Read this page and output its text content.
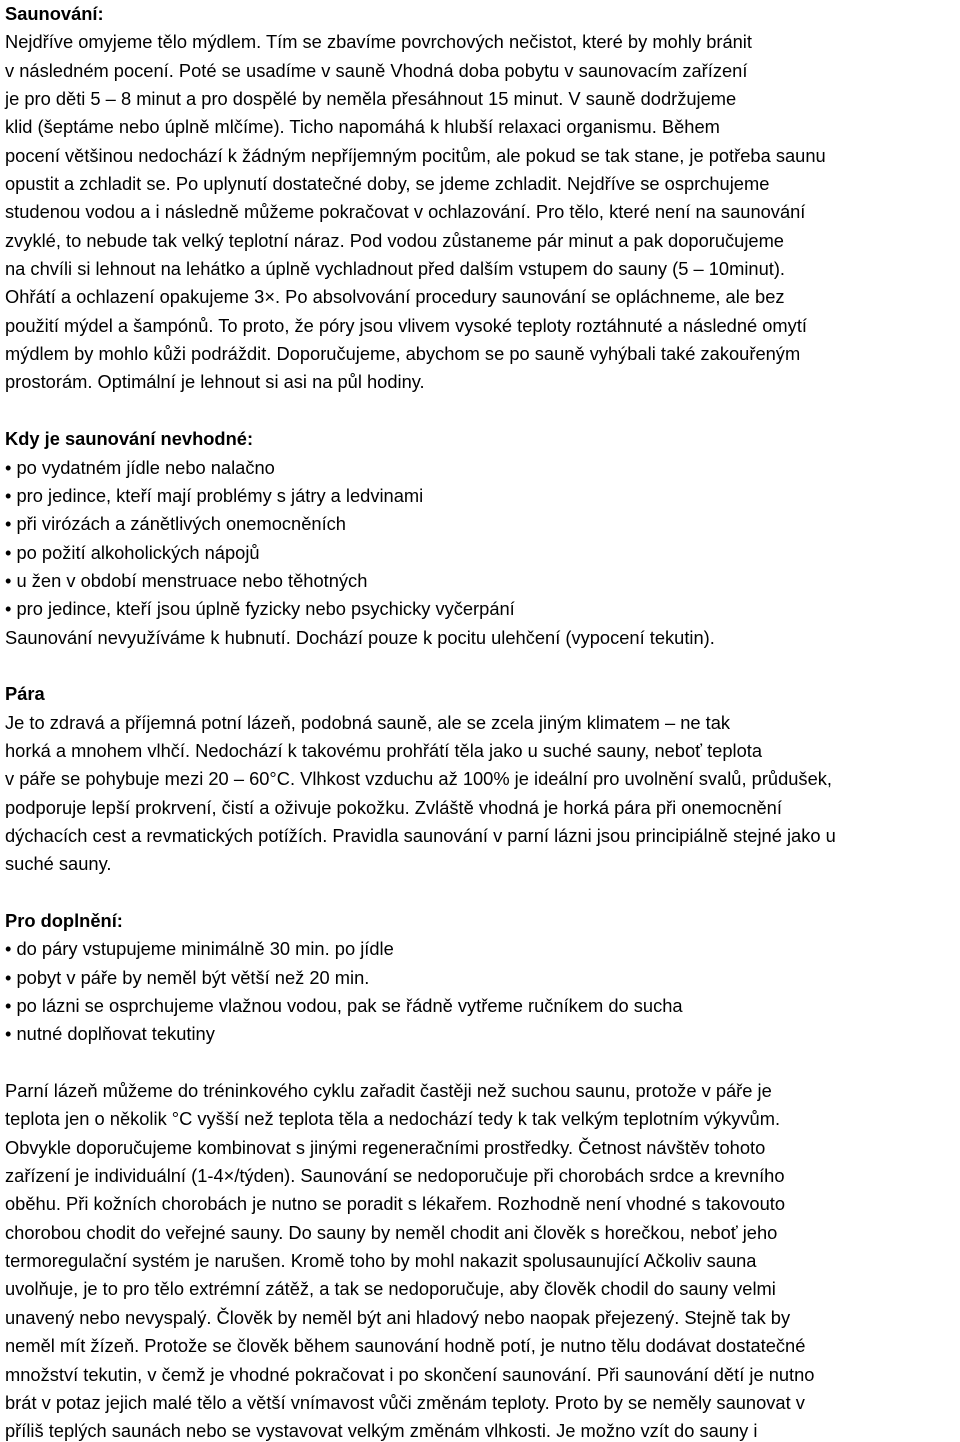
Saunování:
Nejdříve omyjeme tělo mýdlem. Tím se zbavíme povrchových nečistot, které by mohly bránit
v následném pocení. Poté se usadíme v sauně Vhodná doba pobytu v saunovacím zařízení
je pro děti 5 – 8 minut a pro dospělé by neměla přesáhnout 15 minut. V sauně dodržujeme
klid (šeptáme nebo úplně mlčíme). Ticho napomáhá k hlubší relaxaci organismu. Během
pocení většinou nedochází k žádným nepříjemným pocitům, ale pokud se tak stane, je potřeba saunu
opustit a zchladit se. Po uplynutí dostatečné doby, se jdeme zchladit. Nejdříve se osprchujeme
studenou vodou a i následně můžeme pokračovat v ochlazování. Pro tělo, které není na saunování
zvyklé, to nebude tak velký teplotní náraz. Pod vodou zůstaneme pár minut a pak doporučujeme
na chvíli si lehnout na lehátko a úplně vychladnout před dalším vstupem do sauny (5 – 10minut).
Ohřátí a ochlazení opakujeme 3×. Po absolvování procedury saunování se opláchneme, ale bez
použití mýdel a šampónů. To proto, že póry jsou vlivem vysoké teploty roztáhnuté a následné omytí
mýdlem by mohlo kůži podráždit. Doporučujeme, abychom se po sauně vyhýbali také zakouřeným
prostorám. Optimální je lehnout si asi na půl hodiny.
Kdy je saunování nevhodné:
• po vydatném jídle nebo nalačno
• pro jedince, kteří mají problémy s játry a ledvinami
• při virózách a zánětlivých onemocněních
• po požití alkoholických nápojů
• u žen v období menstruace nebo těhotných
• pro jedince, kteří jsou úplně fyzicky nebo psychicky vyčerpání
Saunování nevyužíváme k hubnutí. Dochází pouze k pocitu ulehčení (vypocení tekutin).
Pára
Je to zdravá a příjemná potní lázeň, podobná sauně, ale se zcela jiným klimatem – ne tak
horká a mnohem vlhčí. Nedochází k takovému prohřátí těla jako u suché sauny, neboť teplota
v páře se pohybuje mezi 20 – 60°C. Vlhkost vzduchu až 100% je ideální pro uvolnění svalů, průdušek,
podporuje lepší prokrvení, čistí a oživuje pokožku. Zvláště vhodná je horká pára při onemocnění
dýchacích cest a revmatických potížích. Pravidla saunování v parní lázni jsou principiálně stejné jako u
suché sauny.
Pro doplnění:
• do páry vstupujeme minimálně 30 min. po jídle
• pobyt v páře by neměl být větší než 20 min.
• po lázni se osprchujeme vlažnou vodou, pak se řádně vytřeme ručníkem do sucha
• nutné doplňovat tekutiny
Parní lázeň můžeme do tréninkového cyklu zařadit častěji než suchou saunu, protože v páře je
teplota jen o několik °C vyšší než teplota těla a nedochází tedy k tak velkým teplotním výkyvům.
Obvykle doporučujeme kombinovat s jinými regeneračními prostředky. Četnost návštěv tohoto
zařízení je individuální (1-4×/týden). Saunování se nedoporučuje při chorobách srdce a krevního
oběhu. Při kožních chorobách je nutno se poradit s lékařem. Rozhodně není vhodné s takovouto
chorobou chodit do veřejné sauny. Do sauny by neměl chodit ani člověk s horečkou, neboť jeho
termoregulační systém je narušen. Kromě toho by mohl nakazit spolusaunující Ačkoliv sauna
uvolňuje, je to pro tělo extrémní zátěž, a tak se nedoporučuje, aby člověk chodil do sauny velmi
unavený nebo nevyspalý. Člověk by neměl být ani hladový nebo naopak přejezený. Stejně tak by
neměl mít žízeň. Protože se člověk během saunování hodně potí, je nutno tělu dodávat dostatečné
množství tekutin, v čemž je vhodné pokračovat i po skončení saunování. Při saunování dětí je nutno
brát v potaz jejich malé tělo a větší vnímavost vůči změnám teploty. Proto by se neměly saunovat v
příliš teplých saunách nebo se vystavovat velkým změnám vlhkosti. Je možno vzít do sauny i
